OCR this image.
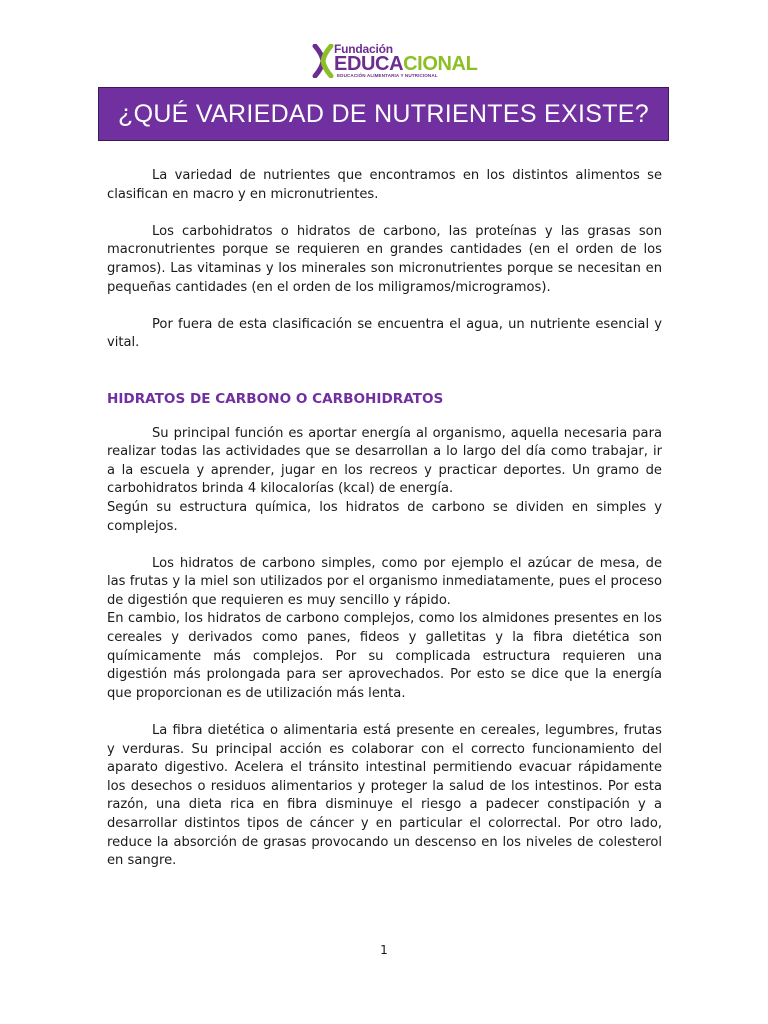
Fundación
EDUCACIONAL
EDUCACIÓN ALIMENTARIA Y NUTRICIONAL
¿QUÉ VARIEDAD DE NUTRIENTES EXISTE?

La variedad de nutrientes que encontramos en los distintos alimentos se clasifican en macro y en micronutrientes.

Los carbohidratos o hidratos de carbono, las proteínas y las grasas son macronutrientes porque se requieren en grandes cantidades (en el orden de los gramos). Las vitaminas y los minerales son micronutrientes porque se necesitan en pequeñas cantidades (en el orden de los miligramos/microgramos).

Por fuera de esta clasificación se encuentra el agua, un nutriente esencial y vital.

HIDRATOS DE CARBONO O CARBOHIDRATOS

Su principal función es aportar energía al organismo, aquella necesaria para realizar todas las actividades que se desarrollan a lo largo del día como trabajar, ir a la escuela y aprender, jugar en los recreos y practicar deportes. Un gramo de carbohidratos brinda 4 kilocalorías (kcal) de energía.

Según su estructura química, los hidratos de carbono se dividen en simples y complejos.

Los hidratos de carbono simples, como por ejemplo el azúcar de mesa, de las frutas y la miel son utilizados por el organismo inmediatamente, pues el proceso de digestión que requieren es muy sencillo y rápido.

En cambio, los hidratos de carbono complejos, como los almidones presentes en los cereales y derivados como panes, fideos y galletitas y la fibra dietética son químicamente más complejos. Por su complicada estructura requieren una digestión más prolongada para ser aprovechados. Por esto se dice que la energía que proporcionan es de utilización más lenta.

La fibra dietética o alimentaria está presente en cereales, legumbres, frutas y verduras. Su principal acción es colaborar con el correcto funcionamiento del aparato digestivo. Acelera el tránsito intestinal permitiendo evacuar rápidamente los desechos o residuos alimentarios y proteger la salud de los intestinos. Por esta razón, una dieta rica en fibra disminuye el riesgo a padecer constipación y a desarrollar distintos tipos de cáncer y en particular el colorrectal. Por otro lado, reduce la absorción de grasas provocando un descenso en los niveles de colesterol en sangre.

1
